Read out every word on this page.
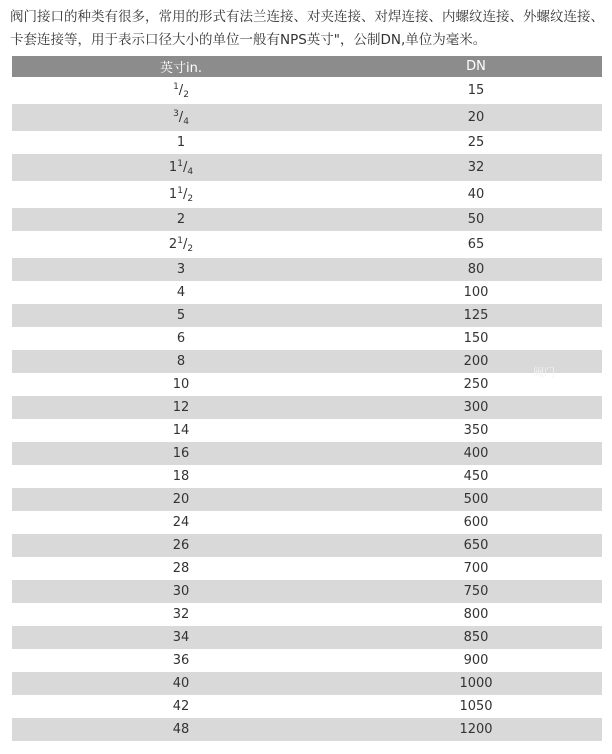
阀门接口的种类有很多，常用的形式有法兰连接、对夹连接、对焊连接、内螺纹连接、外螺纹连接、卡套连接等，用于表示口径大小的单位一般有NPS英寸"，公制DN,单位为毫米。

英寸in.	DN
$^1/_2$	15
$^3/_4$	20
1	25
$1^1/_4$	32
$1^1/_2$	40
2	50
$2^1/_2$	65
3	80
4	100
5	125
6	150
8	200
10	250
12	300
14	350
16	400
18	450
20	500
24	600
26	650
28	700
30	750
32	800
34	850
36	900
40	1000
42	1050
48	1200
阀门
